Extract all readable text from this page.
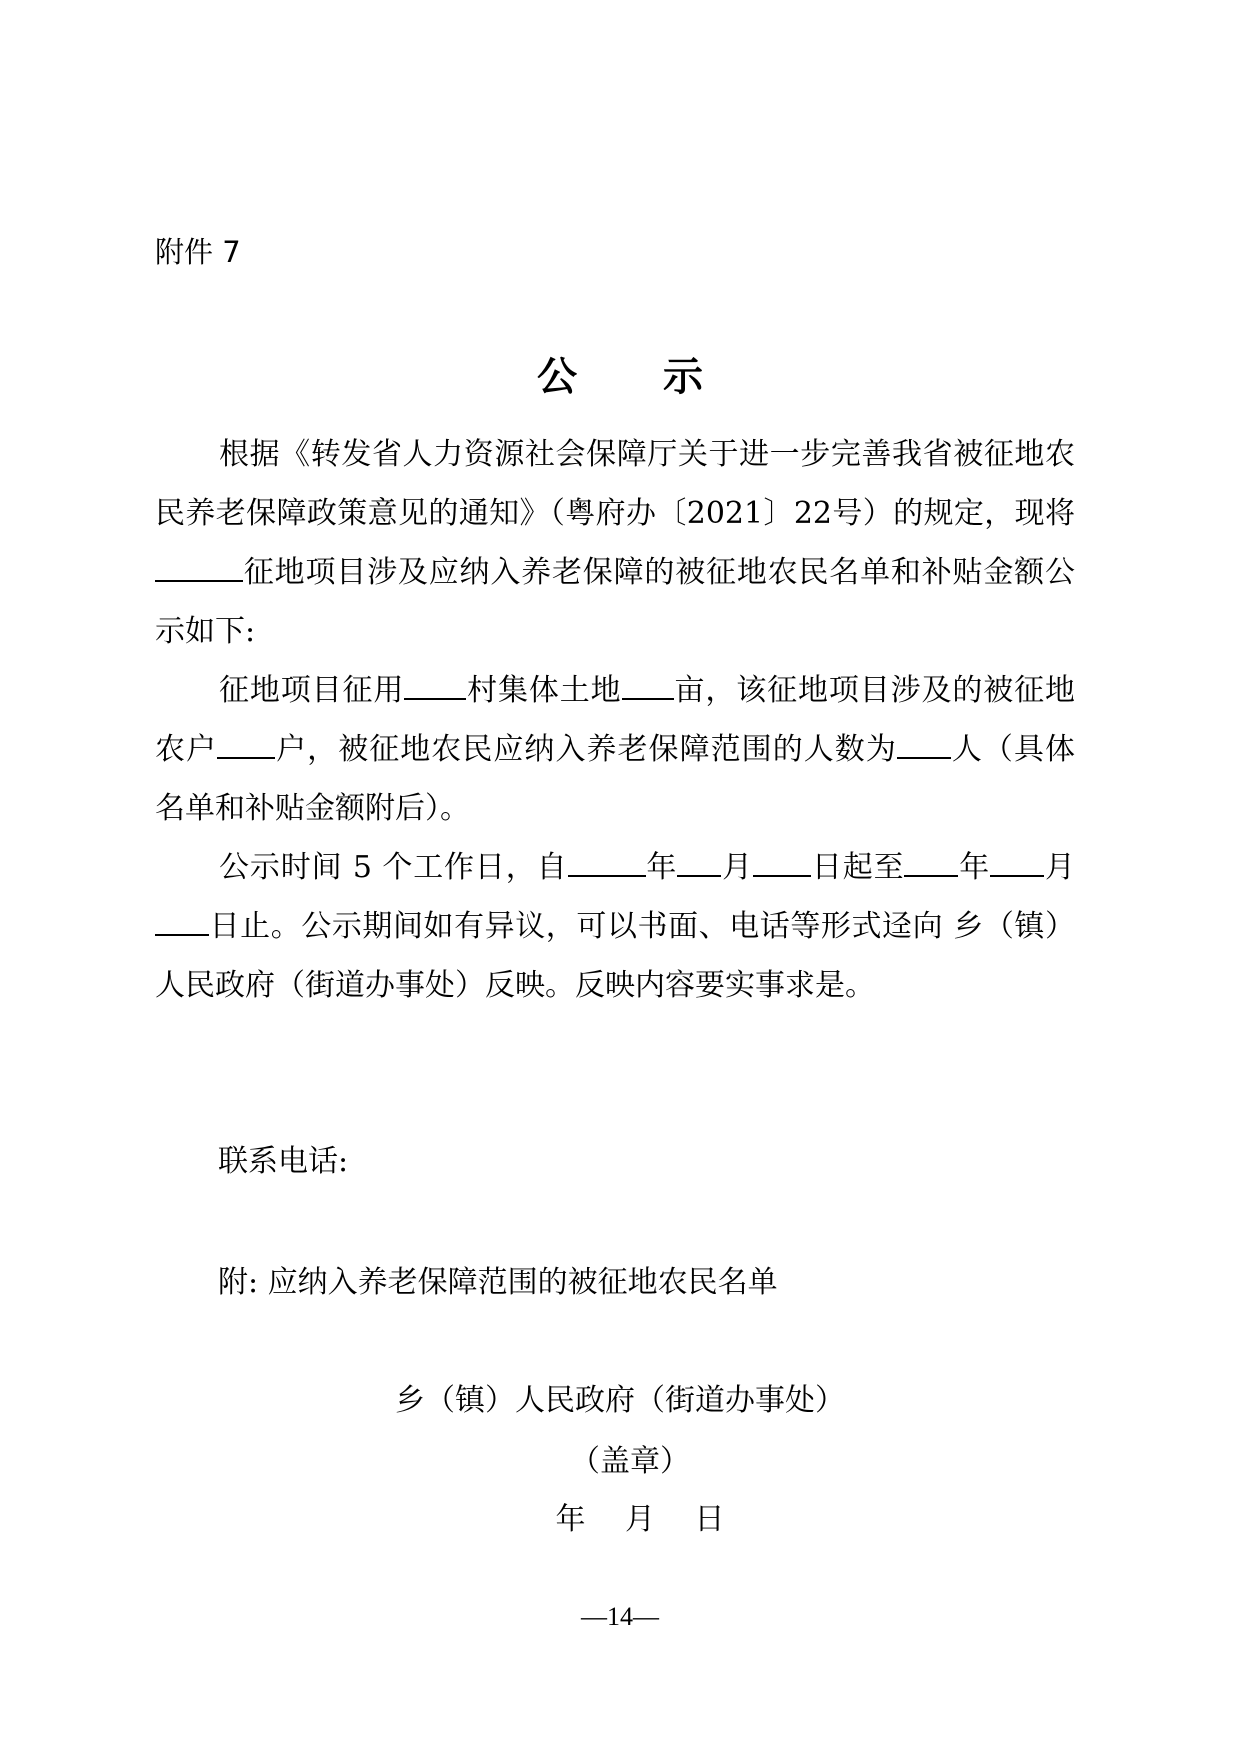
附件 7
公 示

根据《转发省人力资源社会保障厅关于进一步完善我省被征地农民养老保障政策意见的通知》（粤府办〔2021〕22号）的规定，现将征地项目涉及应纳入养老保障的被征地农民名单和补贴金额公示如下:

征地项目征用 村集体土地 亩，该征地项目涉及的被征地农户 户，被征地农民应纳入养老保障范围的人数为 人（具体名单和补贴金额附后）。

公示时间 5 个工作日，自	年 月 日起至 年 月日止。公示期间如有异议，可以书面、电话等形式迳向 乡（镇）人民政府（街道办事处）反映。反映内容要实事求是。

联系电话:
附: 应纳入养老保障范围的被征地农民名单
乡（镇）人民政府（街道办事处）
（盖章）
年 月 日
—14—
